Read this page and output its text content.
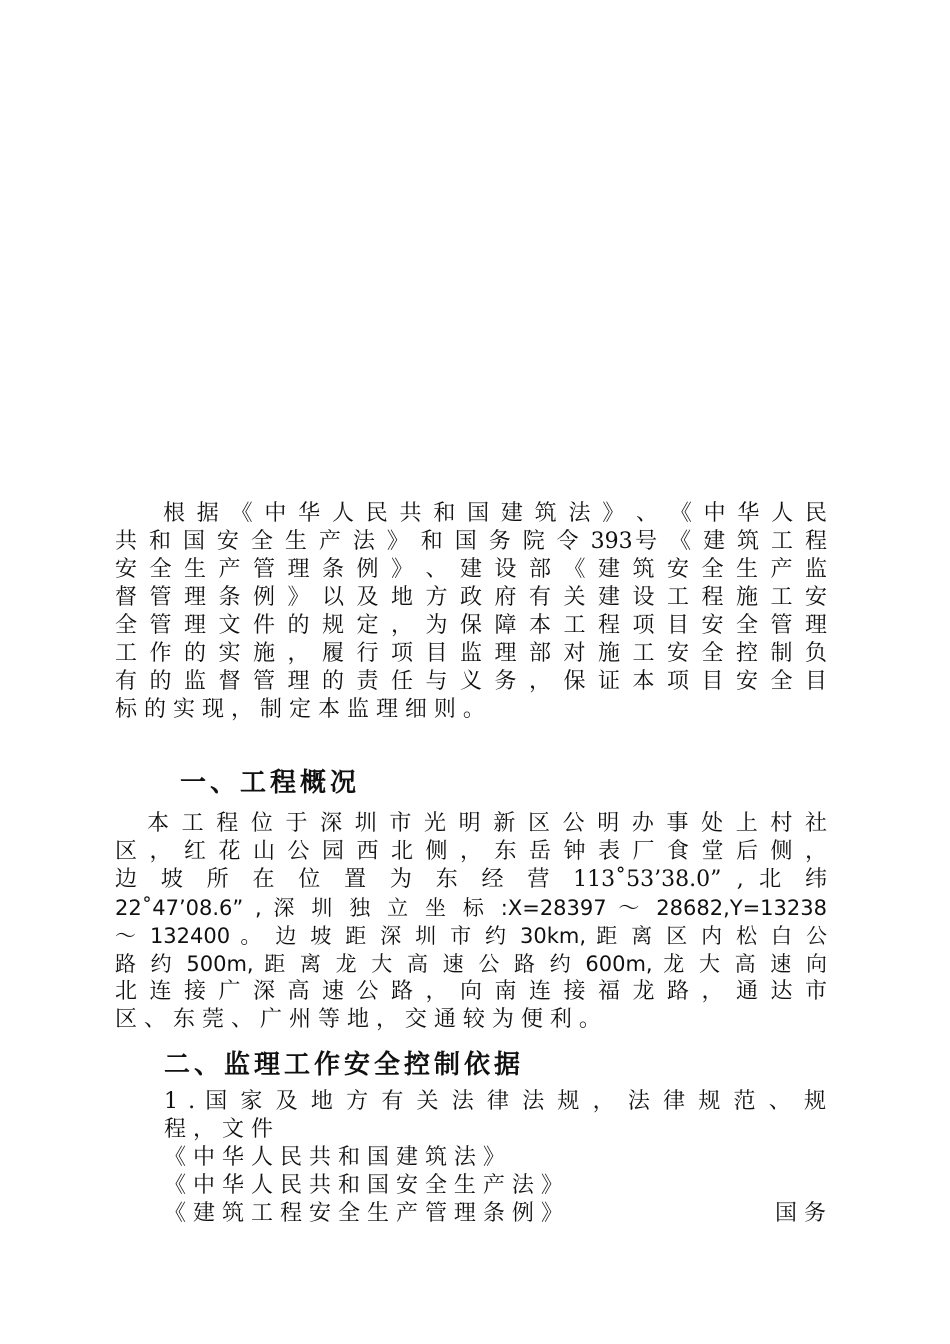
根 据 《 中 华 人 民 共 和 国 建 筑 法 》 、 《 中 华 人 民
共 和 国 安 全 生 产 法 》 和 国 务 院 令 393号 《 建 筑 工 程
安 全 生 产 管 理 条 例 》 、 建 设 部 《 建 筑 安 全 生 产 监
督 管 理 条 例 》 以 及 地 方 政 府 有 关 建 设 工 程 施 工 安
全 管 理 文 件 的 规 定 ， 为 保 障 本 工 程 项 目 安 全 管 理
工 作 的 实 施 ， 履 行 项 目 监 理 部 对 施 工 安 全 控 制 负
有 的 监 督 管 理 的 责 任 与 义 务 ， 保 证 本 项 目 安 全 目
标 的 实 现 ， 制 定 本 监 理 细 则 。
一、工程概况
本 工 程 位 于 深 圳 市 光 明 新 区 公 明 办 事 处 上 村 社
区 ， 红 花 山 公 园 西 北 侧 ， 东 岳 钟 表 厂 食 堂 后 侧 ，
边 坡 所 在 位 置 为 东 经 营 113˚53’38.0” , 北 纬
22˚47’08.6” , 深 圳 独 立 坐 标 :X=28397 ～ 28682,Y=13238
～ 132400 。 边 坡 距 深 圳 市 约 30km, 距 离 区 内 松 白 公
路 约 500m, 距 离 龙 大 高 速 公 路 约 600m, 龙 大 高 速 向
北 连 接 广 深 高 速 公 路 ， 向 南 连 接 福 龙 路 ， 通 达 市
区 、 东 莞 、 广 州 等 地 ， 交 通 较 为 便 利 。
二、监理工作安全控制依据
1 . 国 家 及 地 方 有 关 法 律 法 规 ， 法 律 规 范 、 规
程 ， 文 件
《 中 华 人 民 共 和 国 建 筑 法 》
《 中 华 人 民 共 和 国 安 全 生 产 法 》
《 建 筑 工 程 安 全 生 产 管 理 条 例 》	国 务
